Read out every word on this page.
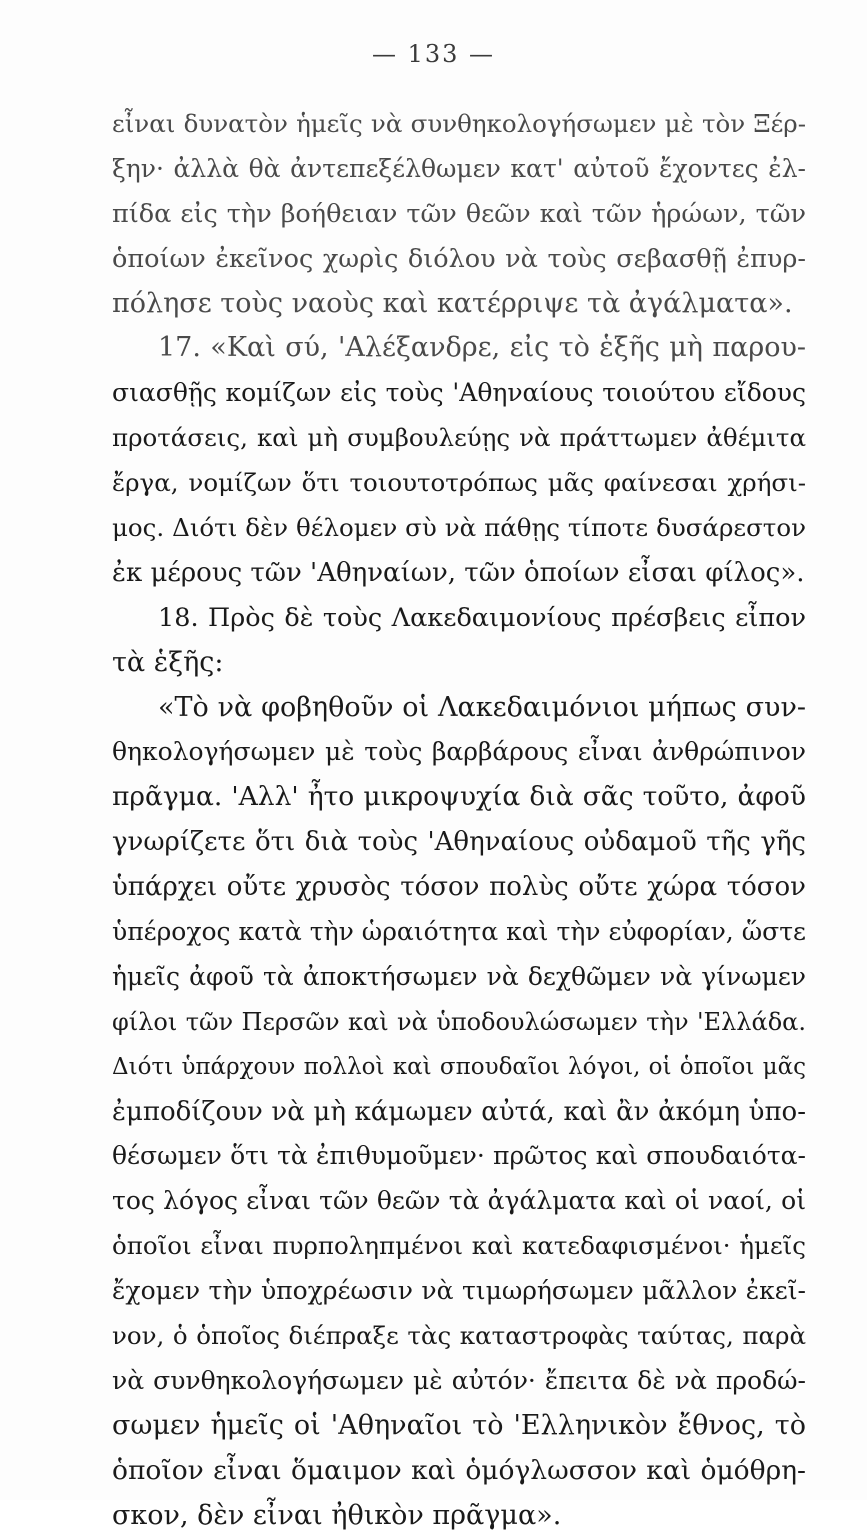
— 133 —
εἶναι δυνατὸν ἡμεῖς νὰ συνθηκολογήσωμεν μὲ τὸν Ξέρ-
ξην· ἀλλὰ θὰ ἀντεπεξέλθωμεν κατ' αὐτοῦ ἔχοντες ἐλ-
πίδα εἰς τὴν βοήθειαν τῶν θεῶν καὶ τῶν ἡρώων, τῶν
ὁποίων ἐκεῖνος χωρὶς διόλου νὰ τοὺς σεβασθῇ ἐπυρ-
πόλησε τοὺς ναοὺς καὶ κατέρριψε τὰ ἀγάλματα».
17. «Καὶ σύ, 'Αλέξανδρε, εἰς τὸ ἑξῆς μὴ παρου-
σιασθῇς κομίζων εἰς τοὺς 'Αθηναίους τοιούτου εἴδους
προτάσεις, καὶ μὴ συμβουλεύῃς νὰ πράττωμεν ἀθέμιτα
ἔργα, νομίζων ὅτι τοιουτοτρόπως μᾶς φαίνεσαι χρήσι-
μος. Διότι δὲν θέλομεν σὺ νὰ πάθῃς τίποτε δυσάρεστον
ἐκ μέρους τῶν 'Αθηναίων, τῶν ὁποίων εἶσαι φίλος».
18. Πρὸς δὲ τοὺς Λακεδαιμονίους πρέσβεις εἶπον
τὰ ἑξῆς:
«Τὸ νὰ φοβηθοῦν οἱ Λακεδαιμόνιοι μήπως συν-
θηκολογήσωμεν μὲ τοὺς βαρβάρους εἶναι ἀνθρώπινον
πρᾶγμα. 'Αλλ' ἦτο μικροψυχία διὰ σᾶς τοῦτο, ἀφοῦ
γνωρίζετε ὅτι διὰ τοὺς 'Αθηναίους οὐδαμοῦ τῆς γῆς
ὑπάρχει οὔτε χρυσὸς τόσον πολὺς οὔτε χώρα τόσον
ὑπέροχος κατὰ τὴν ὡραιότητα καὶ τὴν εὐφορίαν, ὥστε
ἡμεῖς ἀφοῦ τὰ ἀποκτήσωμεν νὰ δεχθῶμεν νὰ γίνωμεν
φίλοι τῶν Περσῶν καὶ νὰ ὑποδουλώσωμεν τὴν 'Ελλάδα.
Διότι ὑπάρχουν πολλοὶ καὶ σπουδαῖοι λόγοι, οἱ ὁποῖοι μᾶς
ἐμποδίζουν νὰ μὴ κάμωμεν αὐτά, καὶ ἂν ἀκόμη ὑπο-
θέσωμεν ὅτι τὰ ἐπιθυμοῦμεν· πρῶτος καὶ σπουδαιότα-
τος λόγος εἶναι τῶν θεῶν τὰ ἀγάλματα καὶ οἱ ναοί, οἱ
ὁποῖοι εἶναι πυρποληπμένοι καὶ κατεδαφισμένοι· ἡμεῖς
ἔχομεν τὴν ὑποχρέωσιν νὰ τιμωρήσωμεν μᾶλλον ἐκεῖ-
νον, ὁ ὁποῖος διέπραξε τὰς καταστροφὰς ταύτας, παρὰ
νὰ συνθηκολογήσωμεν μὲ αὐτόν· ἔπειτα δὲ νὰ προδώ-
σωμεν ἡμεῖς οἱ 'Αθηναῖοι τὸ 'Ελληνικὸν ἔθνος, τὸ
ὁποῖον εἶναι ὅμαιμον καὶ ὁμόγλωσσον καὶ ὁμόθρη-
σκον, δὲν εἶναι ἠθικὸν πρᾶγμα».
